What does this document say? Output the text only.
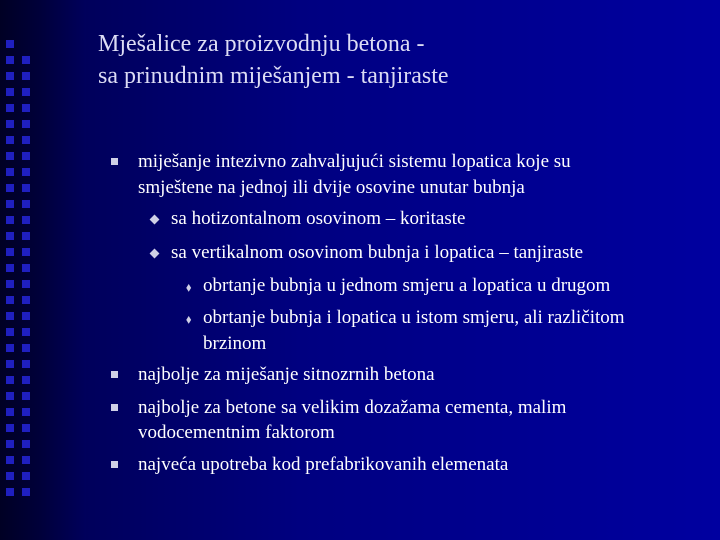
Mješalice za proizvodnju betona -
sa prinudnim miješanjem - tanjiraste
miješanje intezivno zahvaljujući sistemu lopatica koje su
smještene na jednoj ili dvije osovine unutar bubnja
sa hotizontalnom osovinom – koritaste
sa vertikalnom osovinom bubnja i lopatica – tanjiraste
⬧ obrtanje bubnja u jednom smjeru a lopatica u drugom
⬧ obrtanje bubnja i lopatica u istom smjeru, ali različitom
brzinom
najbolje za miješanje sitnozrnih betona
najbolje za betone sa velikim dozažama cementa, malim
vodocementnim faktorom
najveća upotreba kod prefabrikovanih elemenata
